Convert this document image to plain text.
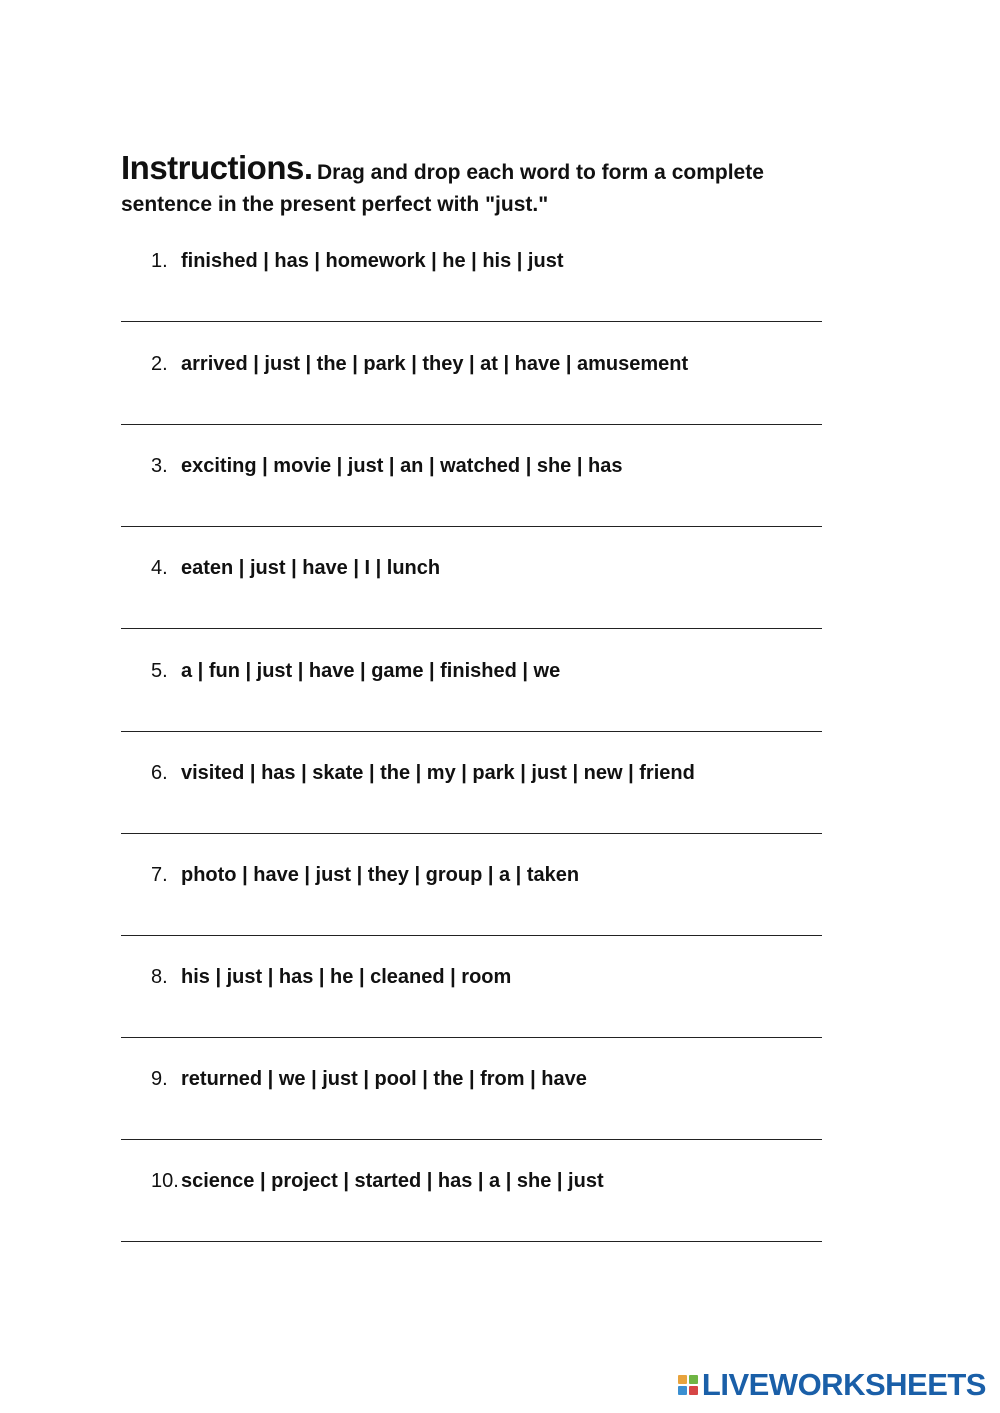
Instructions. Drag and drop each word to form a complete
sentence in the present perfect with "just."
1. finished | has | homework | he | his | just
2. arrived | just | the | park | they | at | have | amusement
3. exciting | movie | just | an | watched | she | has
4. eaten | just | have | I | lunch
5. a | fun | just | have | game | finished | we
6. visited | has | skate | the | my | park | just | new | friend
7. photo | have | just | they | group | a | taken
8. his | just | has | he | cleaned | room
9. returned | we | just | pool | the | from | have
10. science | project | started | has | a | she | just
LIVEWORKSHEETS
